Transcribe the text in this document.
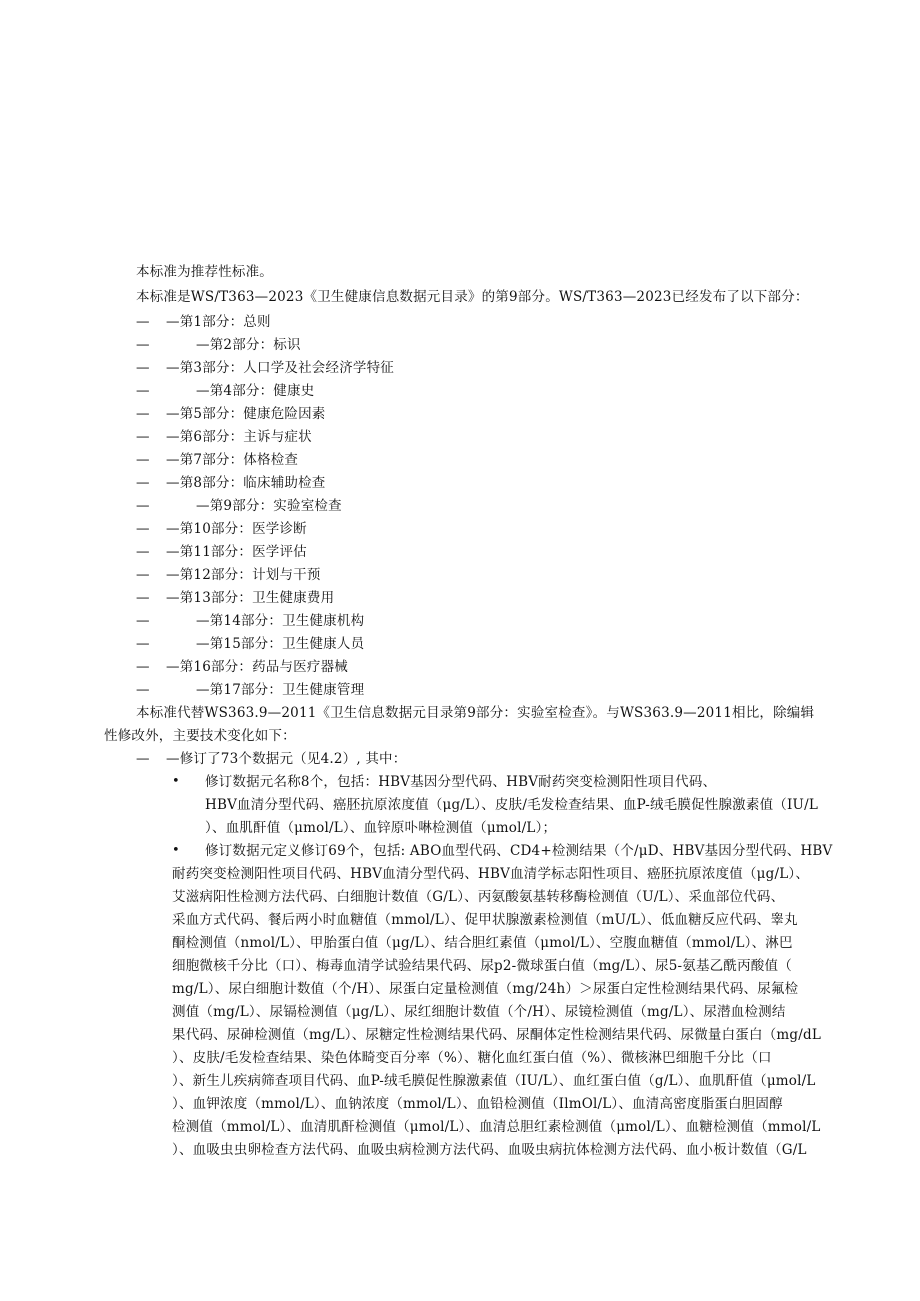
本标准为推荐性标准。
本标准是WS/T363—2023《卫生健康信息数据元目录》的第9部分。WS/T363—2023已经发布了以下部分：
— —第1部分：总则
—	—第2部分：标识
— —第3部分：人口学及社会经济学特征
—	—第4部分：健康史
— —第5部分：健康危险因素
— —第6部分：主诉与症状
— —第7部分：体格检查
— —第8部分：临床辅助检查
—	—第9部分：实验室检查
— —第10部分：医学诊断
— —第11部分：医学评估
— —第12部分：计划与干预
— —第13部分：卫生健康费用
—	—第14部分：卫生健康机构
—	—第15部分：卫生健康人员
— —第16部分：药品与医疗器械
—	—第17部分：卫生健康管理
本标准代替WS363.9—2011《卫生信息数据元目录第9部分：实验室检查》。与WS363.9—2011相比，除编辑
性修改外，主要技术变化如下：
— —修订了73个数据元（见4.2）, 其中：
• 修订数据元名称8个，包括：HBV基因分型代码、HBV耐药突变检测阳性项目代码、
HBV血清分型代码、癌胚抗原浓度值（μg/L）、皮肤/毛发检查结果、血P-绒毛膜促性腺激素值（IU/L
）、血肌酐值（μmol/L）、血锌原卟啉检测值（μmol/L）；
• 修订数据元定义修订69个，包括: ABO血型代码、CD4+检测结果（个/μD、HBV基因分型代码、HBV
耐药突变检测阳性项目代码、HBV血清分型代码、HBV血清学标志阳性项目、癌胚抗原浓度值（μg/L）、
艾滋病阳性检测方法代码、白细胞计数值（G/L）、丙氨酸氨基转移酶检测值（U/L）、采血部位代码、
采血方式代码、餐后两小时血糖值（mmol/L）、促甲状腺激素检测值（mU/L）、低血糖反应代码、睾丸
酮检测值（nmol/L）、甲胎蛋白值（μg/L）、结合胆红素值（μmol/L）、空腹血糖值（mmol/L）、淋巴
细胞微核千分比（口）、梅毒血清学试验结果代码、尿p2-微球蛋白值（mg/L）、尿5-氨基乙酰丙酸值（
mg/L）、尿白细胞计数值（个/H）、尿蛋白定量检测值（mg/24h）＞尿蛋白定性检测结果代码、尿氟检
测值（mg/L）、尿镉检测值（μg/L）、尿红细胞计数值（个/H）、尿镜检测值（mg/L）、尿潜血检测结
果代码、尿砷检测值（mg/L）、尿糖定性检测结果代码、尿酮体定性检测结果代码、尿微量白蛋白（mg/dL
）、皮肤/毛发检查结果、染色体畸变百分率（%）、糖化血红蛋白值（%）、微核淋巴细胞千分比（口
）、新生儿疾病筛查项目代码、血P-绒毛膜促性腺激素值（IU/L）、血红蛋白值（g/L）、血肌酐值（μmol/L
）、血钾浓度（mmol/L）、血钠浓度（mmol/L）、血铅检测值（IlmOl/L）、血清高密度脂蛋白胆固醇
检测值（mmol/L）、血清肌酐检测值（μmol/L）、血清总胆红素检测值（μmol/L）、血糖检测值（mmol/L
）、血吸虫虫卵检查方法代码、血吸虫病检测方法代码、血吸虫病抗体检测方法代码、血小板计数值（G/L
